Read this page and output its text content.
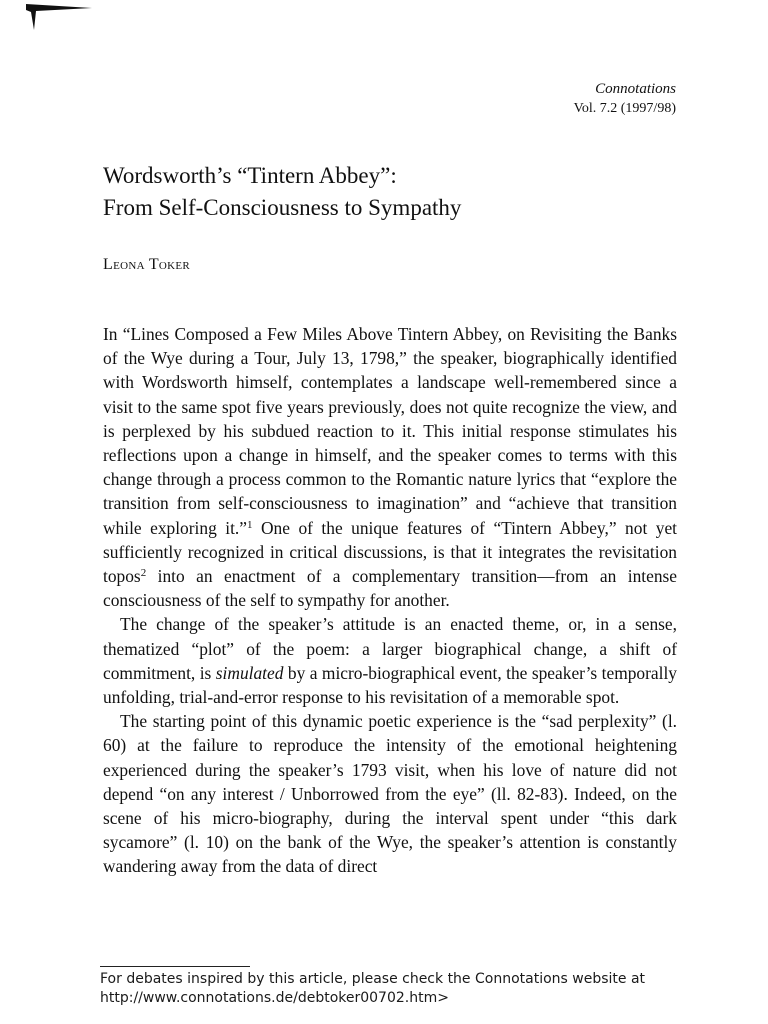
Connotations
Vol. 7.2 (1997/98)
Wordsworth’s “Tintern Abbey”:
From Self-Consciousness to Sympathy
Leona Toker

In “Lines Composed a Few Miles Above Tintern Abbey, on Revisiting the Banks of the Wye during a Tour, July 13, 1798,” the speaker, biographically identified with Wordsworth himself, contemplates a landscape well-remembered since a visit to the same spot five years previously, does not quite recognize the view, and is perplexed by his subdued reaction to it. This initial response stimulates his reflections upon a change in himself, and the speaker comes to terms with this change through a process common to the Romantic nature lyrics that “explore the transition from self-consciousness to imagination” and “achieve that transition while exploring it.”$^1$ One of the unique features of “Tintern Abbey,” not yet sufficiently recognized in critical discussions, is that it integrates the revisitation topos$^2$ into an enactment of a complementary transition—from an intense consciousness of the self to sympathy for another.

The change of the speaker’s attitude is an enacted theme, or, in a sense, thematized “plot” of the poem: a larger biographical change, a shift of commitment, is simulated by a micro-biographical event, the speaker’s temporally unfolding, trial-and-error response to his revisitation of a memorable spot.

The starting point of this dynamic poetic experience is the “sad perplexity” (l. 60) at the failure to reproduce the intensity of the emotional heightening experienced during the speaker’s 1793 visit, when his love of nature did not depend “on any interest / Unborrowed from the eye” (ll. 82-83). Indeed, on the scene of his micro-biography, during the interval spent under “this dark sycamore” (l. 10) on the bank of the Wye, the speaker’s attention is constantly wandering away from the data of direct

For debates inspired by this article, please check the Connotations website at
http://www.connotations.de/debtoker00702.htm>
